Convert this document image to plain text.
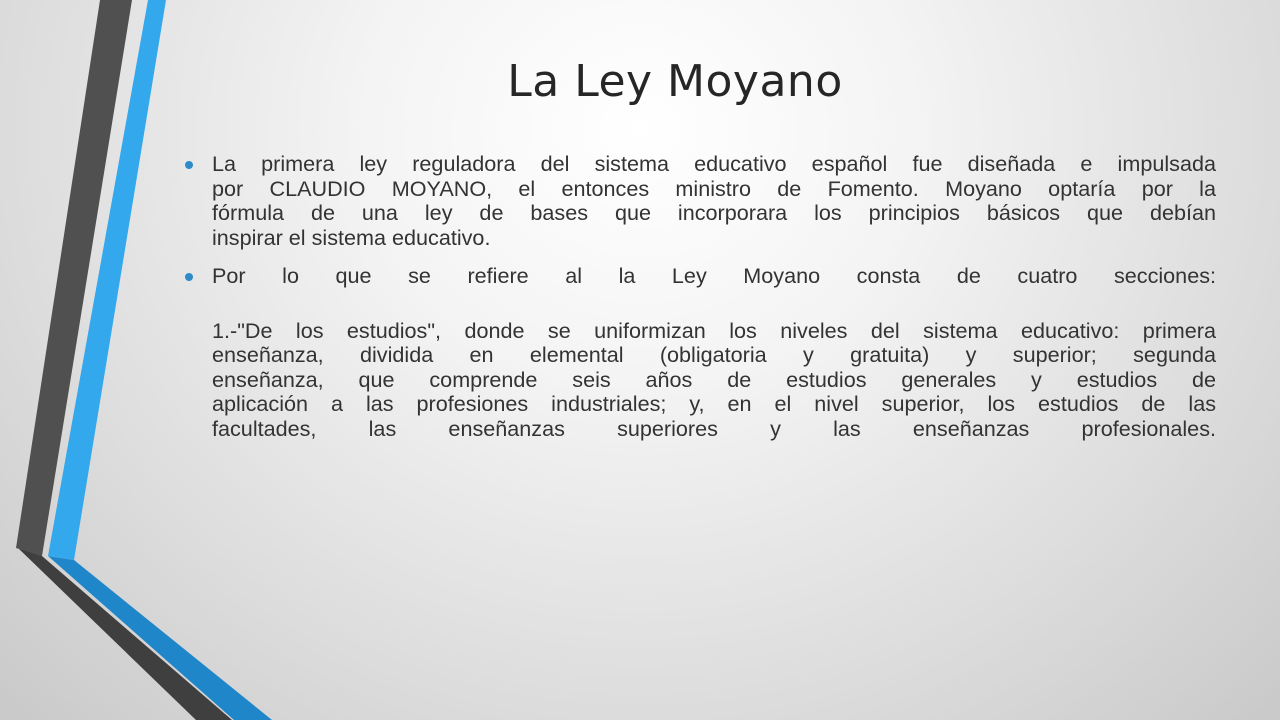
La Ley Moyano
La primera ley reguladora del sistema educativo español fue diseñada e impulsada
por CLAUDIO MOYANO, el entonces ministro de Fomento. Moyano optaría por la
fórmula de una ley de bases que incorporara los principios básicos que debían
inspirar el sistema educativo.
Por lo que se refiere al la Ley Moyano consta de cuatro secciones:
1.-"De los estudios", donde se uniformizan los niveles del sistema educativo: primera
enseñanza, dividida en elemental (obligatoria y gratuita) y superior; segunda
enseñanza, que comprende seis años de estudios generales y estudios de
aplicación a las profesiones industriales; y, en el nivel superior, los estudios de las
facultades, las enseñanzas superiores y las enseñanzas profesionales.
